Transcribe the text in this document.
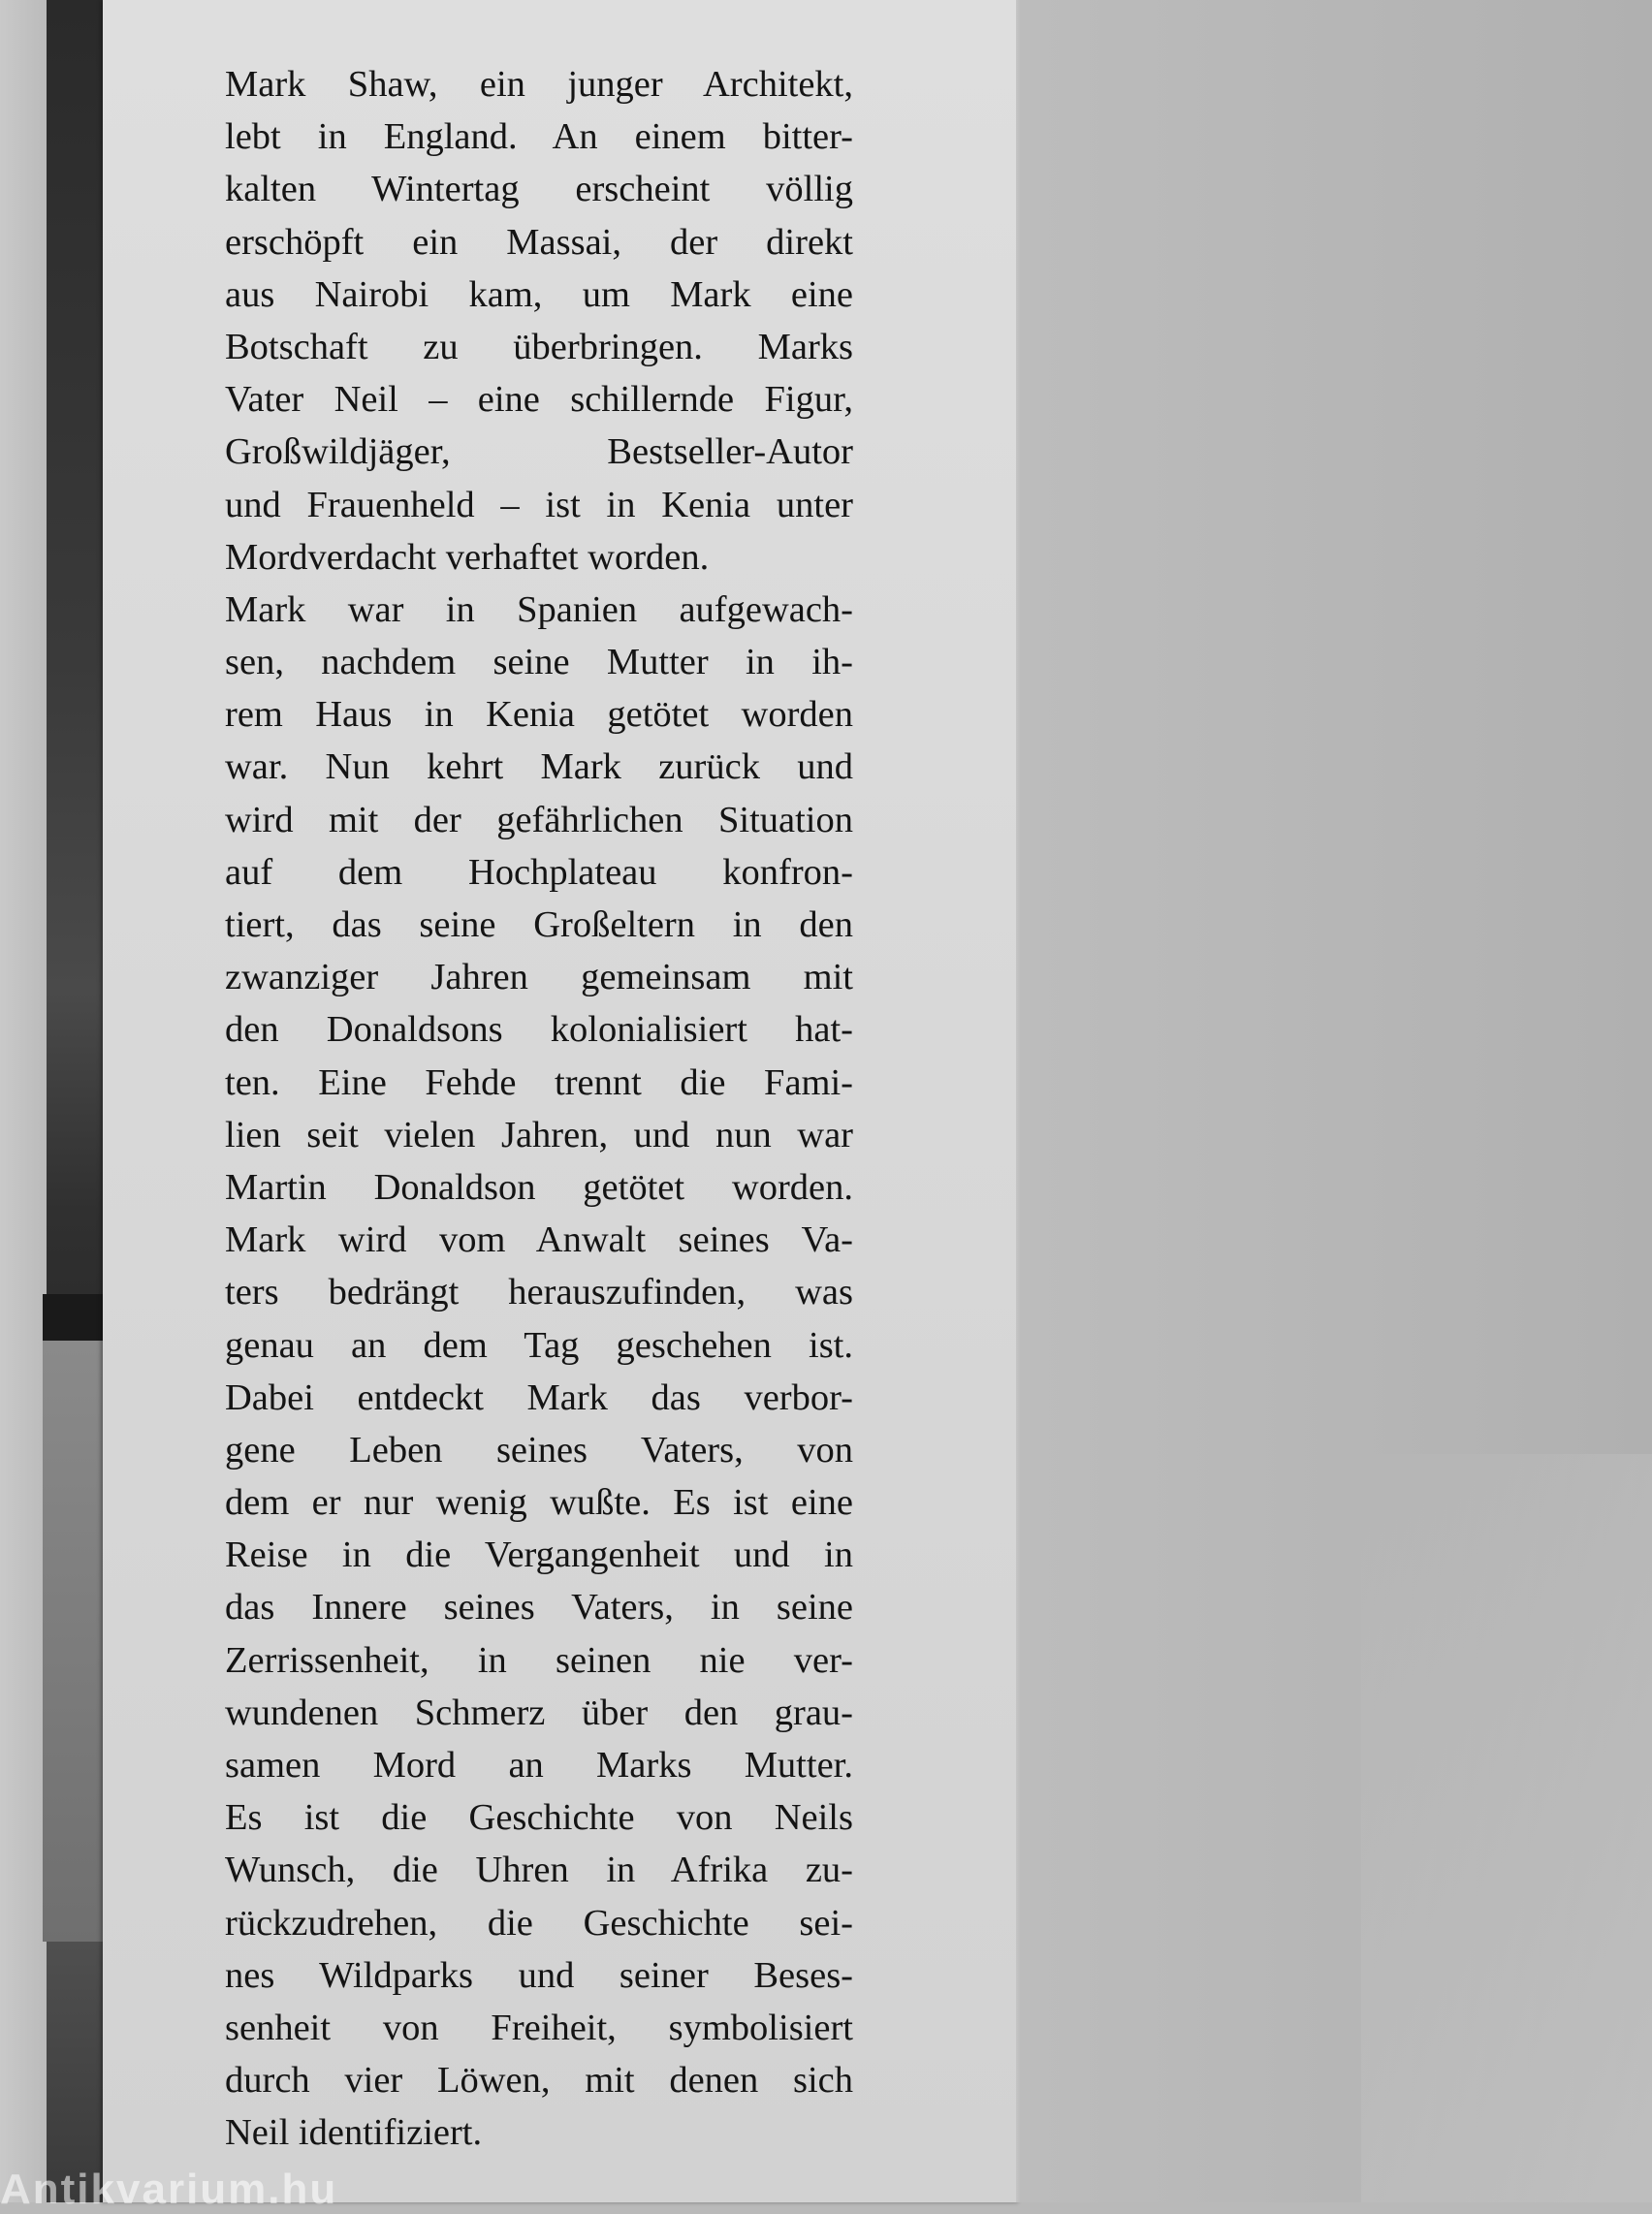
Mark Shaw, ein junger Architekt,
lebt in England. An einem bitter-
kalten Wintertag erscheint völlig
erschöpft ein Massai, der direkt
aus Nairobi kam, um Mark eine
Botschaft zu überbringen. Marks
Vater Neil – eine schillernde Figur,
Großwildjäger, Bestseller-Autor
und Frauenheld – ist in Kenia unter
Mordverdacht verhaftet worden.
Mark war in Spanien aufgewach-
sen, nachdem seine Mutter in ih-
rem Haus in Kenia getötet worden
war. Nun kehrt Mark zurück und
wird mit der gefährlichen Situation
auf dem Hochplateau konfron-
tiert, das seine Großeltern in den
zwanziger Jahren gemeinsam mit
den Donaldsons kolonialisiert hat-
ten. Eine Fehde trennt die Fami-
lien seit vielen Jahren, und nun war
Martin Donaldson getötet worden.
Mark wird vom Anwalt seines Va-
ters bedrängt herauszufinden, was
genau an dem Tag geschehen ist.
Dabei entdeckt Mark das verbor-
gene Leben seines Vaters, von
dem er nur wenig wußte. Es ist eine
Reise in die Vergangenheit und in
das Innere seines Vaters, in seine
Zerrissenheit, in seinen nie ver-
wundenen Schmerz über den grau-
samen Mord an Marks Mutter.
Es ist die Geschichte von Neils
Wunsch, die Uhren in Afrika zu-
rückzudrehen, die Geschichte sei-
nes Wildparks und seiner Beses-
senheit von Freiheit, symbolisiert
durch vier Löwen, mit denen sich
Neil identifiziert.
Antikvarium.hu
